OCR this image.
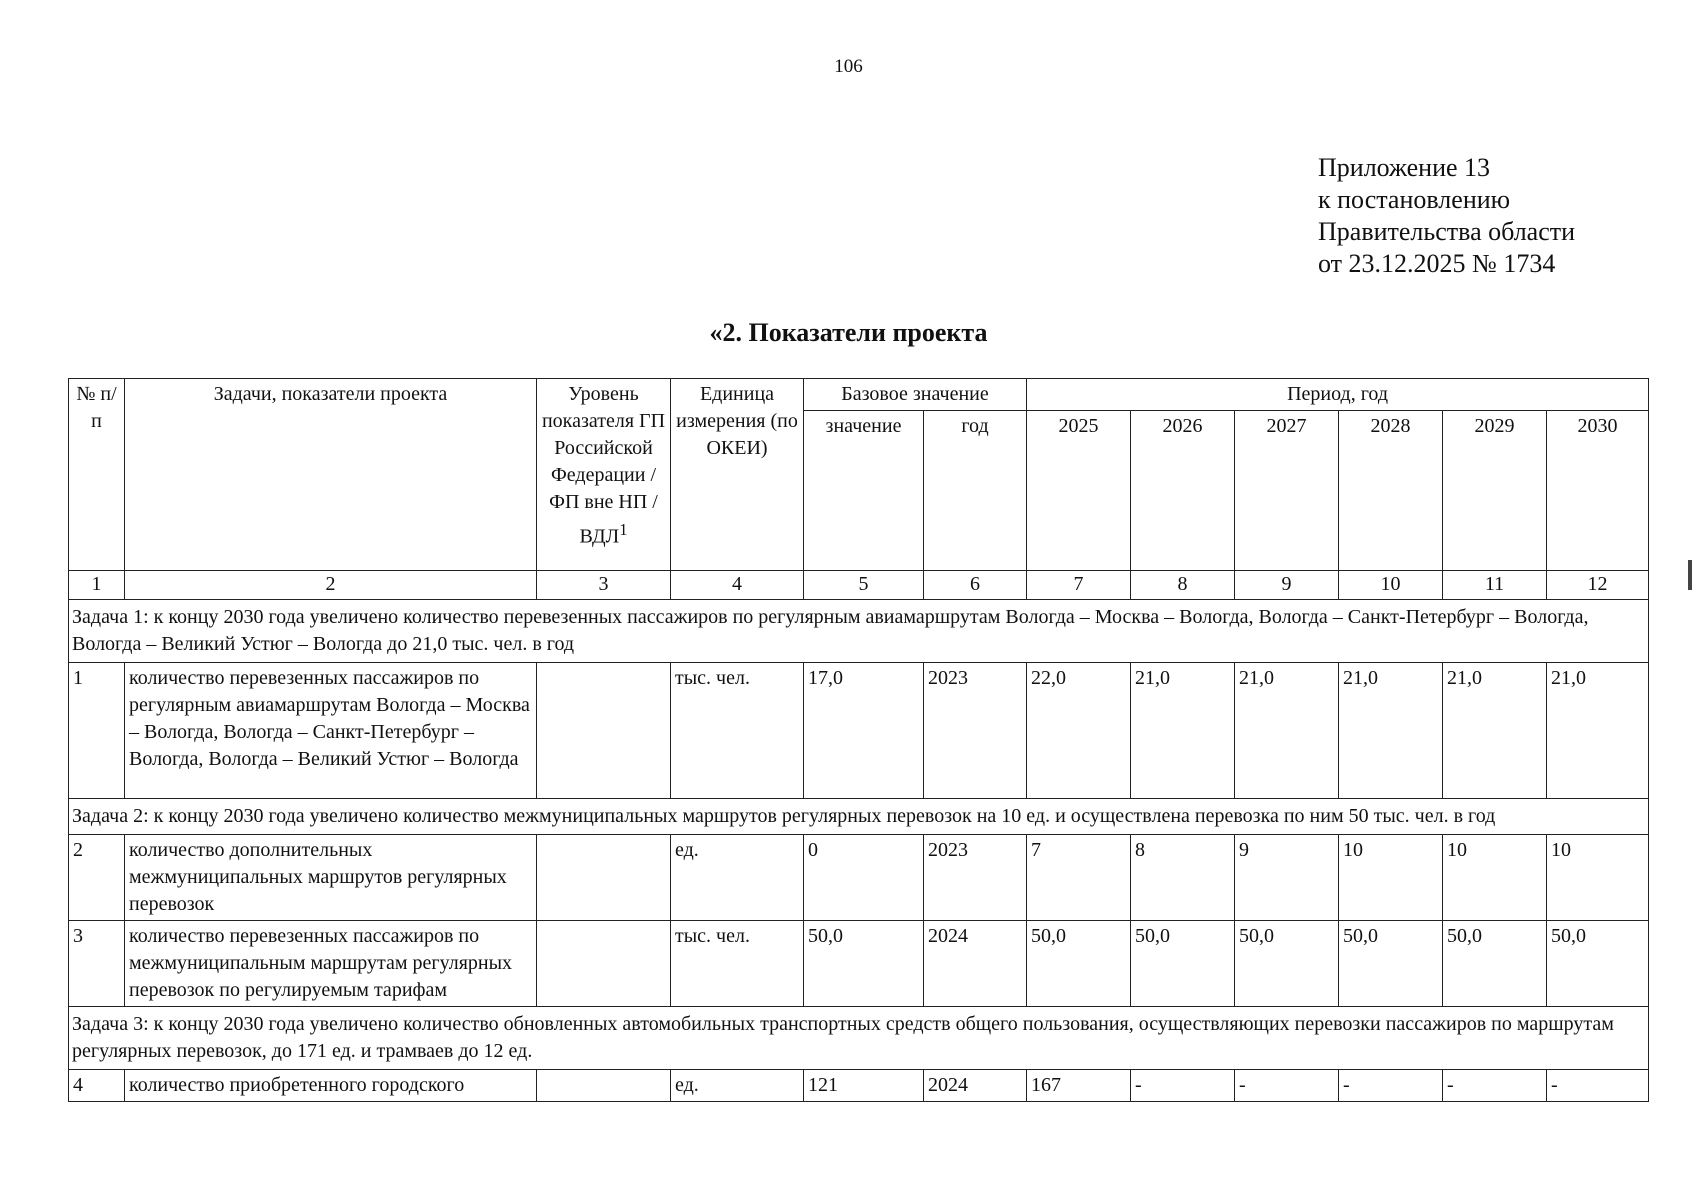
106
Приложение 13
к постановлению
Правительства области
от 23.12.2025 № 1734
«2. Показатели проекта
№ п/п	Задачи, показатели проекта	Уровень показателя ГП Российской Федерации / ФП вне НП / ВДЛ$^1$	Единица измерения (по ОКЕИ)	Базовое значение		Период, год					
				значение	год	2025	2026	2027	2028	2029	2030
1	2	3	4	5	6	7	8	9	10	11	12
Задача 1: к концу 2030 года увеличено количество перевезенных пассажиров по регулярным авиамаршрутам Вологда – Москва – Вологда, Вологда – Санкт-Петербург – Вологда, Вологда – Великий Устюг – Вологда до 21,0 тыс. чел. в год											
1	количество перевезенных пассажиров по регулярным авиамаршрутам Вологда – Москва – Вологда, Вологда – Санкт-Петербург – Вологда, Вологда – Великий Устюг – Вологда		тыс. чел.	17,0	2023	22,0	21,0	21,0	21,0	21,0	21,0
Задача 2: к концу 2030 года увеличено количество межмуниципальных маршрутов регулярных перевозок на 10 ед. и осуществлена перевозка по ним 50 тыс. чел. в год											
2	количество дополнительных межмуниципальных маршрутов регулярных перевозок		ед.	0	2023	7	8	9	10	10	10
3	количество перевезенных пассажиров по межмуниципальным маршрутам регулярных перевозок по регулируемым тарифам		тыс. чел.	50,0	2024	50,0	50,0	50,0	50,0	50,0	50,0
Задача 3: к концу 2030 года увеличено количество обновленных автомобильных транспортных средств общего пользования, осуществляющих перевозки пассажиров по маршрутам регулярных перевозок, до 171 ед. и трамваев до 12 ед.											
4	количество приобретенного городского		ед.	121	2024	167	-	-	-	-	-
